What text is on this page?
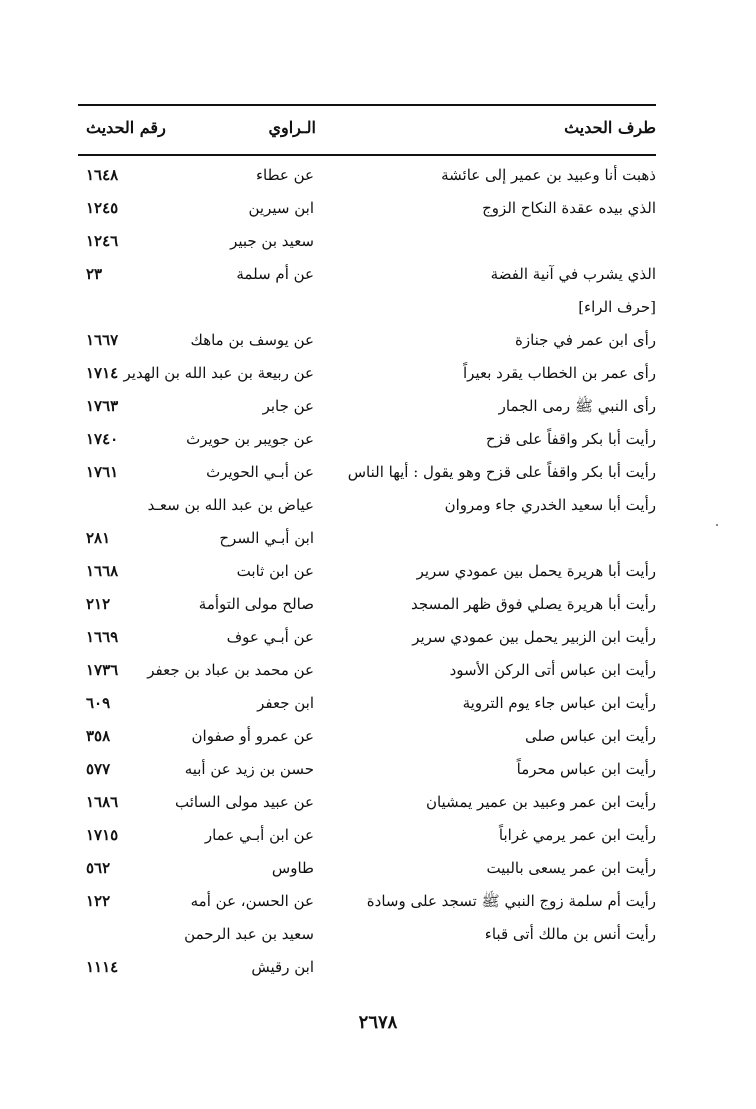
طرف الحديث
الـراوي
رقم الحديث
ذهبت أنا وعبيد بن عمير إلى عائشة
عن عطاء
١٦٤٨
الذي بيده عقدة النكاح الزوج
ابن سيرين
١٢٤٥
سعيد بن جبير
١٢٤٦
الذي يشرب في آنية الفضة
عن أم سلمة
٢٣
[حرف الراء]
رأى ابن عمر في جنازة
عن يوسف بن ماهك
١٦٦٧
رأى عمر بن الخطاب يقرد بعيراً
عن ربيعة بن عبد الله بن الهدير
١٧١٤
رأى النبي ﷺ رمى الجمار
عن جابر
١٧٦٣
رأيت أبا بكر واقفاً على قزح
عن جويبر بن حويرث
١٧٤٠
رأيت أبا بكر واقفاً على قزح وهو يقول : أيها الناس
عن أبـي الحويرث
١٧٦١
رأيت أبا سعيد الخدري جاء ومروان
عياض بن عبد الله بن سعـد
ابن أبـي السرح
٢٨١
رأيت أبا هريرة يحمل بين عمودي سرير
عن ابن ثابت
١٦٦٨
رأيت أبا هريرة يصلي فوق ظهر المسجد
صالح مولى التوأمة
٢١٢
رأيت ابن الزبير يحمل بين عمودي سرير
عن أبـي عوف
١٦٦٩
رأيت ابن عباس أتى الركن الأسود
عن محمد بن عباد بن جعفر
١٧٣٦
رأيت ابن عباس جاء يوم التروية
ابن جعفر
٦٠٩
رأيت ابن عباس صلى
عن عمرو أو صفوان
٣٥٨
رأيت ابن عباس محرماً
حسن بن زيد عن أبيه
٥٧٧
رأيت ابن عمر وعبيد بن عمير يمشيان
عن عبيد مولى السائب
١٦٨٦
رأيت ابن عمر يرمي غراباً
عن ابن أبـي عمار
١٧١٥
رأيت ابن عمر يسعى بالبيت
طاوس
٥٦٢
رأيت أم سلمة زوج النبي ﷺ تسجد على وسادة
عن الحسن، عن أمه
١٢٢
رأيت أنس بن مالك أتى قباء
سعيد بن عبد الرحمن
ابن رقيش
١١١٤
٢٦٧٨
